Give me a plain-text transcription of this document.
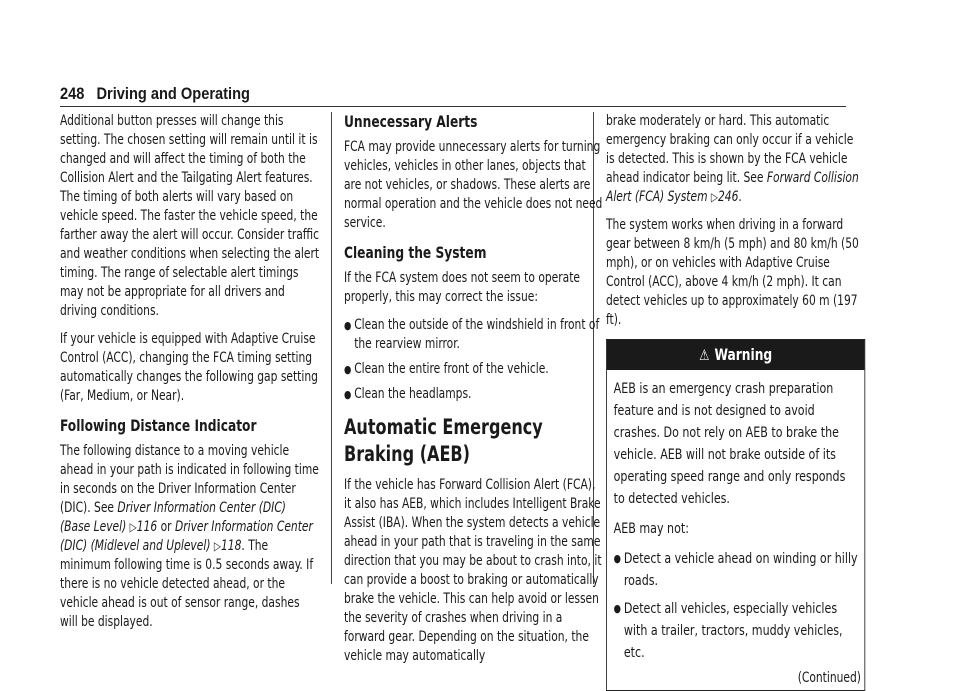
248 Driving and Operating

Additional button presses will change this setting. The chosen setting will remain until it is changed and will affect the timing of both the Collision Alert and the Tailgating Alert features. The timing of both alerts will vary based on vehicle speed. The faster the vehicle speed, the farther away the alert will occur. Consider traffic and weather conditions when selecting the alert timing. The range of selectable alert timings may not be appropriate for all drivers and driving conditions.

If your vehicle is equipped with Adaptive Cruise Control (ACC), changing the FCA timing setting automatically changes the following gap setting (Far, Medium, or Near).

Following Distance Indicator

The following distance to a moving vehicle ahead in your path is indicated in following time in seconds on the Driver Information Center (DIC). See Driver Information Center (DIC) (Base Level) ▷116 or Driver Information Center (DIC) (Midlevel and Uplevel) ▷118. The minimum following time is 0.5 seconds away. If there is no vehicle detected ahead, or the vehicle ahead is out of sensor range, dashes will be displayed.

Unnecessary Alerts

FCA may provide unnecessary alerts for turning vehicles, vehicles in other lanes, objects that are not vehicles, or shadows. These alerts are normal operation and the vehicle does not need service.

Cleaning the System

If the FCA system does not seem to operate properly, this may correct the issue:

● Clean the outside of the windshield in front of the rearview mirror.
● Clean the entire front of the vehicle.
● Clean the headlamps.
Automatic Emergency
Braking (AEB)

If the vehicle has Forward Collision Alert (FCA), it also has AEB, which includes Intelligent Brake Assist (IBA). When the system detects a vehicle ahead in your path that is traveling in the same direction that you may be about to crash into, it can provide a boost to braking or automatically brake the vehicle. This can help avoid or lessen the severity of crashes when driving in a forward gear. Depending on the situation, the vehicle may automatically

brake moderately or hard. This automatic emergency braking can only occur if a vehicle is detected. This is shown by the FCA vehicle ahead indicator being lit. See Forward Collision Alert (FCA) System ▷246.

The system works when driving in a forward gear between 8 km/h (5 mph) and 80 km/h (50 mph), or on vehicles with Adaptive Cruise Control (ACC), above 4 km/h (2 mph). It can detect vehicles up to approximately 60 m (197 ft).

⚠ Warning

AEB is an emergency crash preparation feature and is not designed to avoid crashes. Do not rely on AEB to brake the vehicle. AEB will not brake outside of its operating speed range and only responds to detected vehicles.

AEB may not:

● Detect a vehicle ahead on winding or hilly roads.
● Detect all vehicles, especially vehicles with a trailer, tractors, muddy vehicles, etc.
(Continued)
